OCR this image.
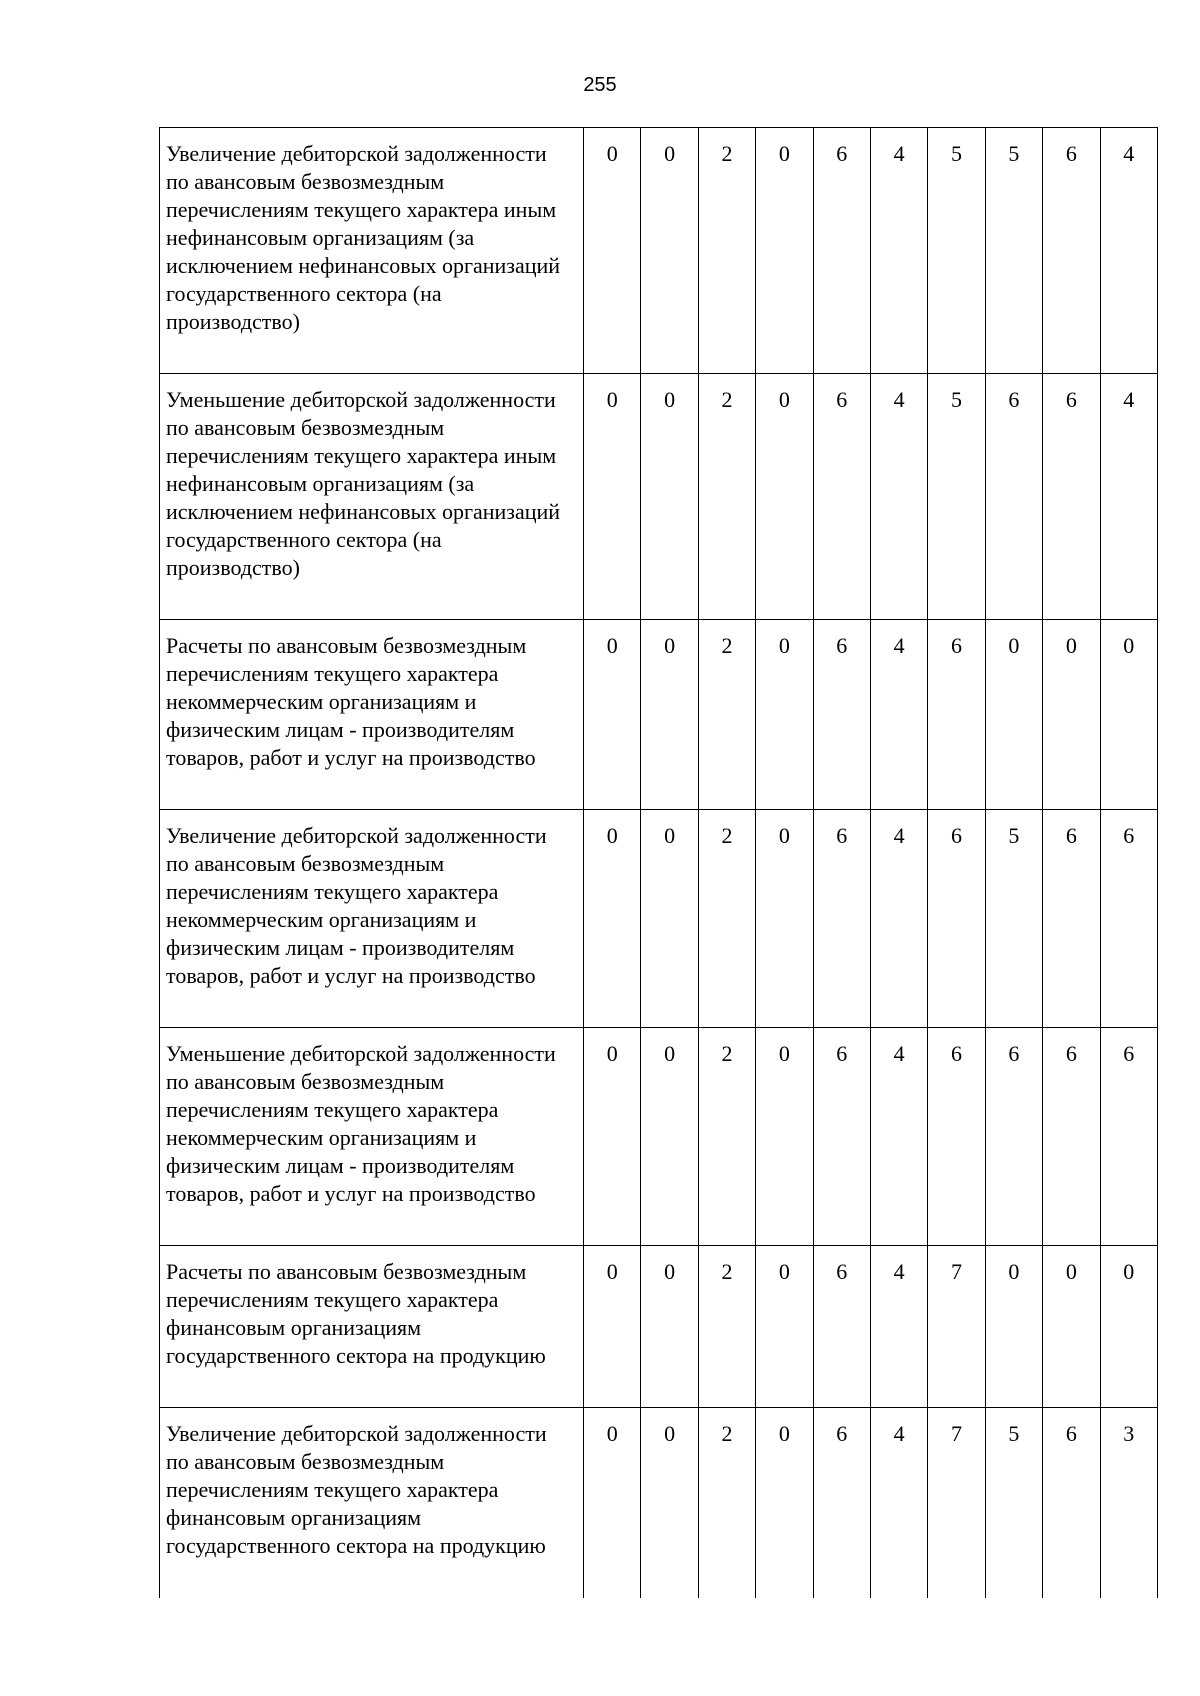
255
Увеличение дебиторской задолженности по авансовым безвозмездным перечислениям текущего характера иным нефинансовым организациям (за исключением нефинансовых организаций государственного сектора (на производство)	0	0	2	0	6	4	5	5	6	4
Уменьшение дебиторской задолженности по авансовым безвозмездным перечислениям текущего характера иным нефинансовым организациям (за исключением нефинансовых организаций государственного сектора (на производство)	0	0	2	0	6	4	5	6	6	4
Расчеты по авансовым безвозмездным перечислениям текущего характера некоммерческим организациям и физическим лицам - производителям товаров, работ и услуг на производство	0	0	2	0	6	4	6	0	0	0
Увеличение дебиторской задолженности по авансовым безвозмездным перечислениям текущего характера некоммерческим организациям и физическим лицам - производителям товаров, работ и услуг на производство	0	0	2	0	6	4	6	5	6	6
Уменьшение дебиторской задолженности по авансовым безвозмездным перечислениям текущего характера некоммерческим организациям и физическим лицам - производителям товаров, работ и услуг на производство	0	0	2	0	6	4	6	6	6	6
Расчеты по авансовым безвозмездным перечислениям текущего характера финансовым организациям государственного сектора на продукцию	0	0	2	0	6	4	7	0	0	0
Увеличение дебиторской задолженности по авансовым безвозмездным перечислениям текущего характера финансовым организациям государственного сектора на продукцию	0	0	2	0	6	4	7	5	6	3
